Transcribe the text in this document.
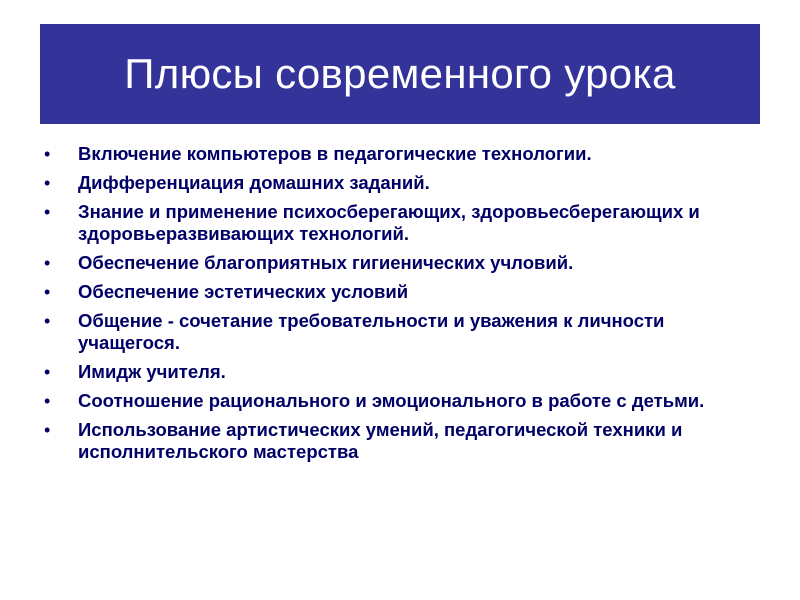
Плюсы современного урока
• Включение компьютеров в педагогические технологии.
• Дифференциация домашних заданий.
• Знание и применение психосберегающих, здоровьесберегающих и здоровьеразвивающих технологий.
• Обеспечение благоприятных гигиенических учловий.
• Обеспечение эстетических условий
• Общение - сочетание требовательности и уважения к личности учащегося.
• Имидж учителя.
• Соотношение рационального и эмоционального в работе с детьми.
• Использование артистических умений, педагогической техники и исполнительского мастерства
